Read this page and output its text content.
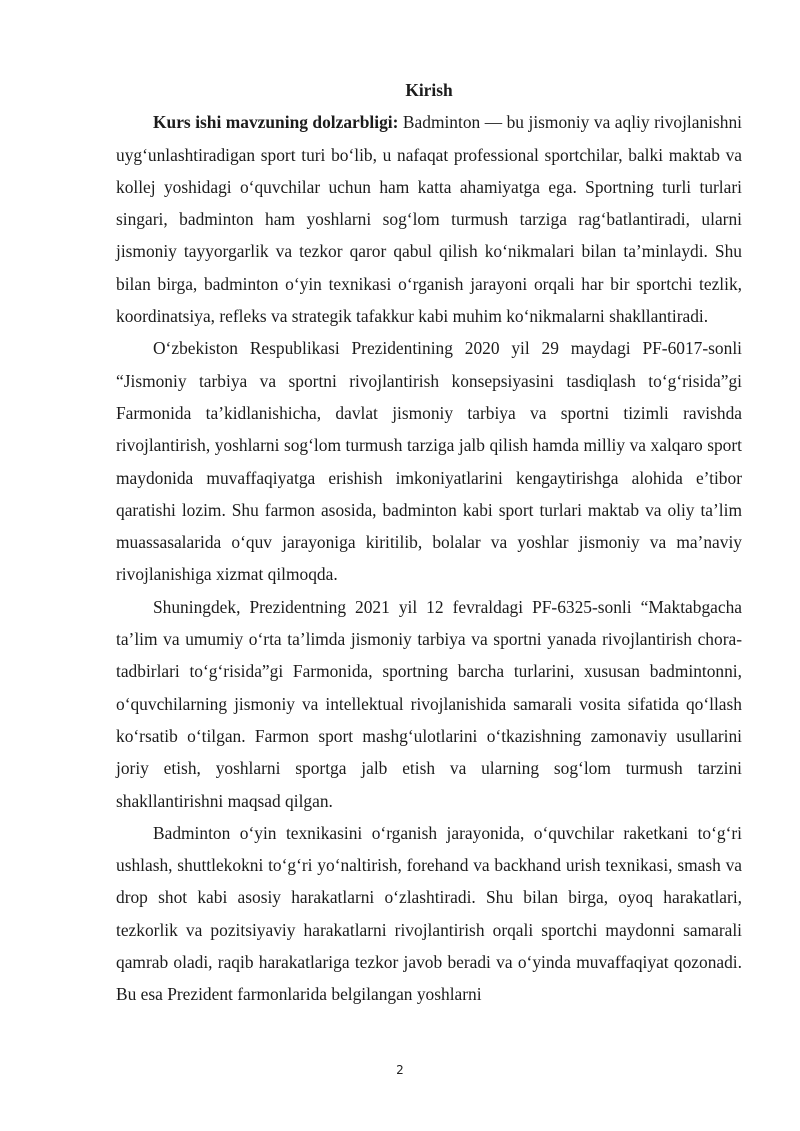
Kirish

Kurs ishi mavzuning dolzarbligi: Badminton — bu jismoniy va aqliy rivojlanishni uyg‘unlashtiradigan sport turi bo‘lib, u nafaqat professional sportchilar, balki maktab va kollej yoshidagi o‘quvchilar uchun ham katta ahamiyatga ega. Sportning turli turlari singari, badminton ham yoshlarni sog‘lom turmush tarziga rag‘batlantiradi, ularni jismoniy tayyorgarlik va tezkor qaror qabul qilish ko‘nikmalari bilan ta’minlaydi. Shu bilan birga, badminton o‘yin texnikasi o‘rganish jarayoni orqali har bir sportchi tezlik, koordinatsiya, refleks va strategik tafakkur kabi muhim ko‘nikmalarni shakllantiradi.

O‘zbekiston Respublikasi Prezidentining 2020 yil 29 maydagi PF-6017-sonli “Jismoniy tarbiya va sportni rivojlantirish konsepsiyasini tasdiqlash to‘g‘risida”gi Farmonida ta’kidlanishicha, davlat jismoniy tarbiya va sportni tizimli ravishda rivojlantirish, yoshlarni sog‘lom turmush tarziga jalb qilish hamda milliy va xalqaro sport maydonida muvaffaqiyatga erishish imkoniyatlarini kengaytirishga alohida e’tibor qaratishi lozim. Shu farmon asosida, badminton kabi sport turlari maktab va oliy ta’lim muassasalarida o‘quv jarayoniga kiritilib, bolalar va yoshlar jismoniy va ma’naviy rivojlanishiga xizmat qilmoqda.

Shuningdek, Prezidentning 2021 yil 12 fevraldagi PF-6325-sonli “Maktabgacha ta’lim va umumiy o‘rta ta’limda jismoniy tarbiya va sportni yanada rivojlantirish chora-tadbirlari to‘g‘risida”gi Farmonida, sportning barcha turlarini, xususan badmintonni, o‘quvchilarning jismoniy va intellektual rivojlanishida samarali vosita sifatida qo‘llash ko‘rsatib o‘tilgan. Farmon sport mashg‘ulotlarini o‘tkazishning zamonaviy usullarini joriy etish, yoshlarni sportga jalb etish va ularning sog‘lom turmush tarzini shakllantirishni maqsad qilgan.

Badminton o‘yin texnikasini o‘rganish jarayonida, o‘quvchilar raketkani to‘g‘ri ushlash, shuttlekokni to‘g‘ri yo‘naltirish, forehand va backhand urish texnikasi, smash va drop shot kabi asosiy harakatlarni o‘zlashtiradi. Shu bilan birga, oyoq harakatlari, tezkorlik va pozitsiyaviy harakatlarni rivojlantirish orqali sportchi maydonni samarali qamrab oladi, raqib harakatlariga tezkor javob beradi va o‘yinda muvaffaqiyat qozonadi. Bu esa Prezident farmonlarida belgilangan yoshlarni

2
